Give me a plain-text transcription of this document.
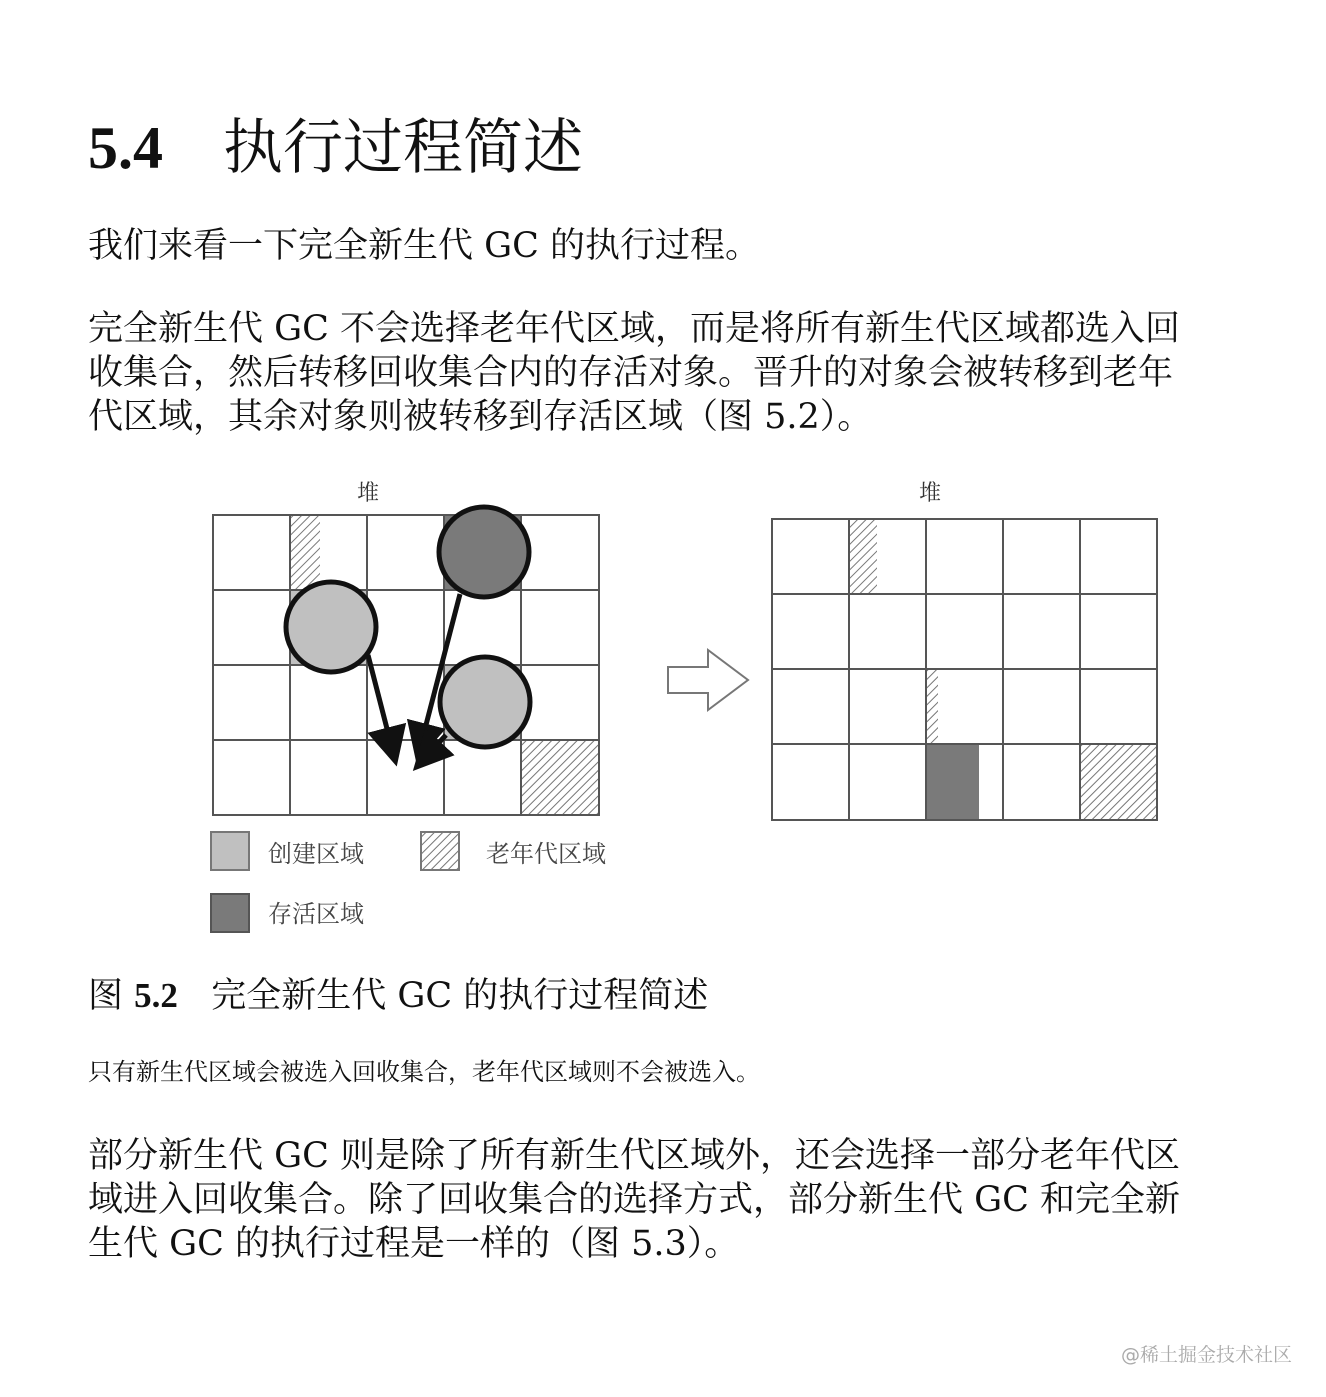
5.4 执行过程简述
我们来看一下完全新生代 GC 的执行过程。
完全新生代 GC 不会选择老年代区域，而是将所有新生代区域都选入回
收集合，然后转移回收集合内的存活对象。晋升的对象会被转移到老年
代区域，其余对象则被转移到存活区域（图 5.2）。
堆	堆
创建区域	老年代区域
存活区域
图 5.2 完全新生代 GC 的执行过程简述
只有新生代区域会被选入回收集合，老年代区域则不会被选入。
部分新生代 GC 则是除了所有新生代区域外，还会选择一部分老年代区
域进入回收集合。除了回收集合的选择方式，部分新生代 GC 和完全新
生代 GC 的执行过程是一样的（图 5.3）。
@稀土掘金技术社区
